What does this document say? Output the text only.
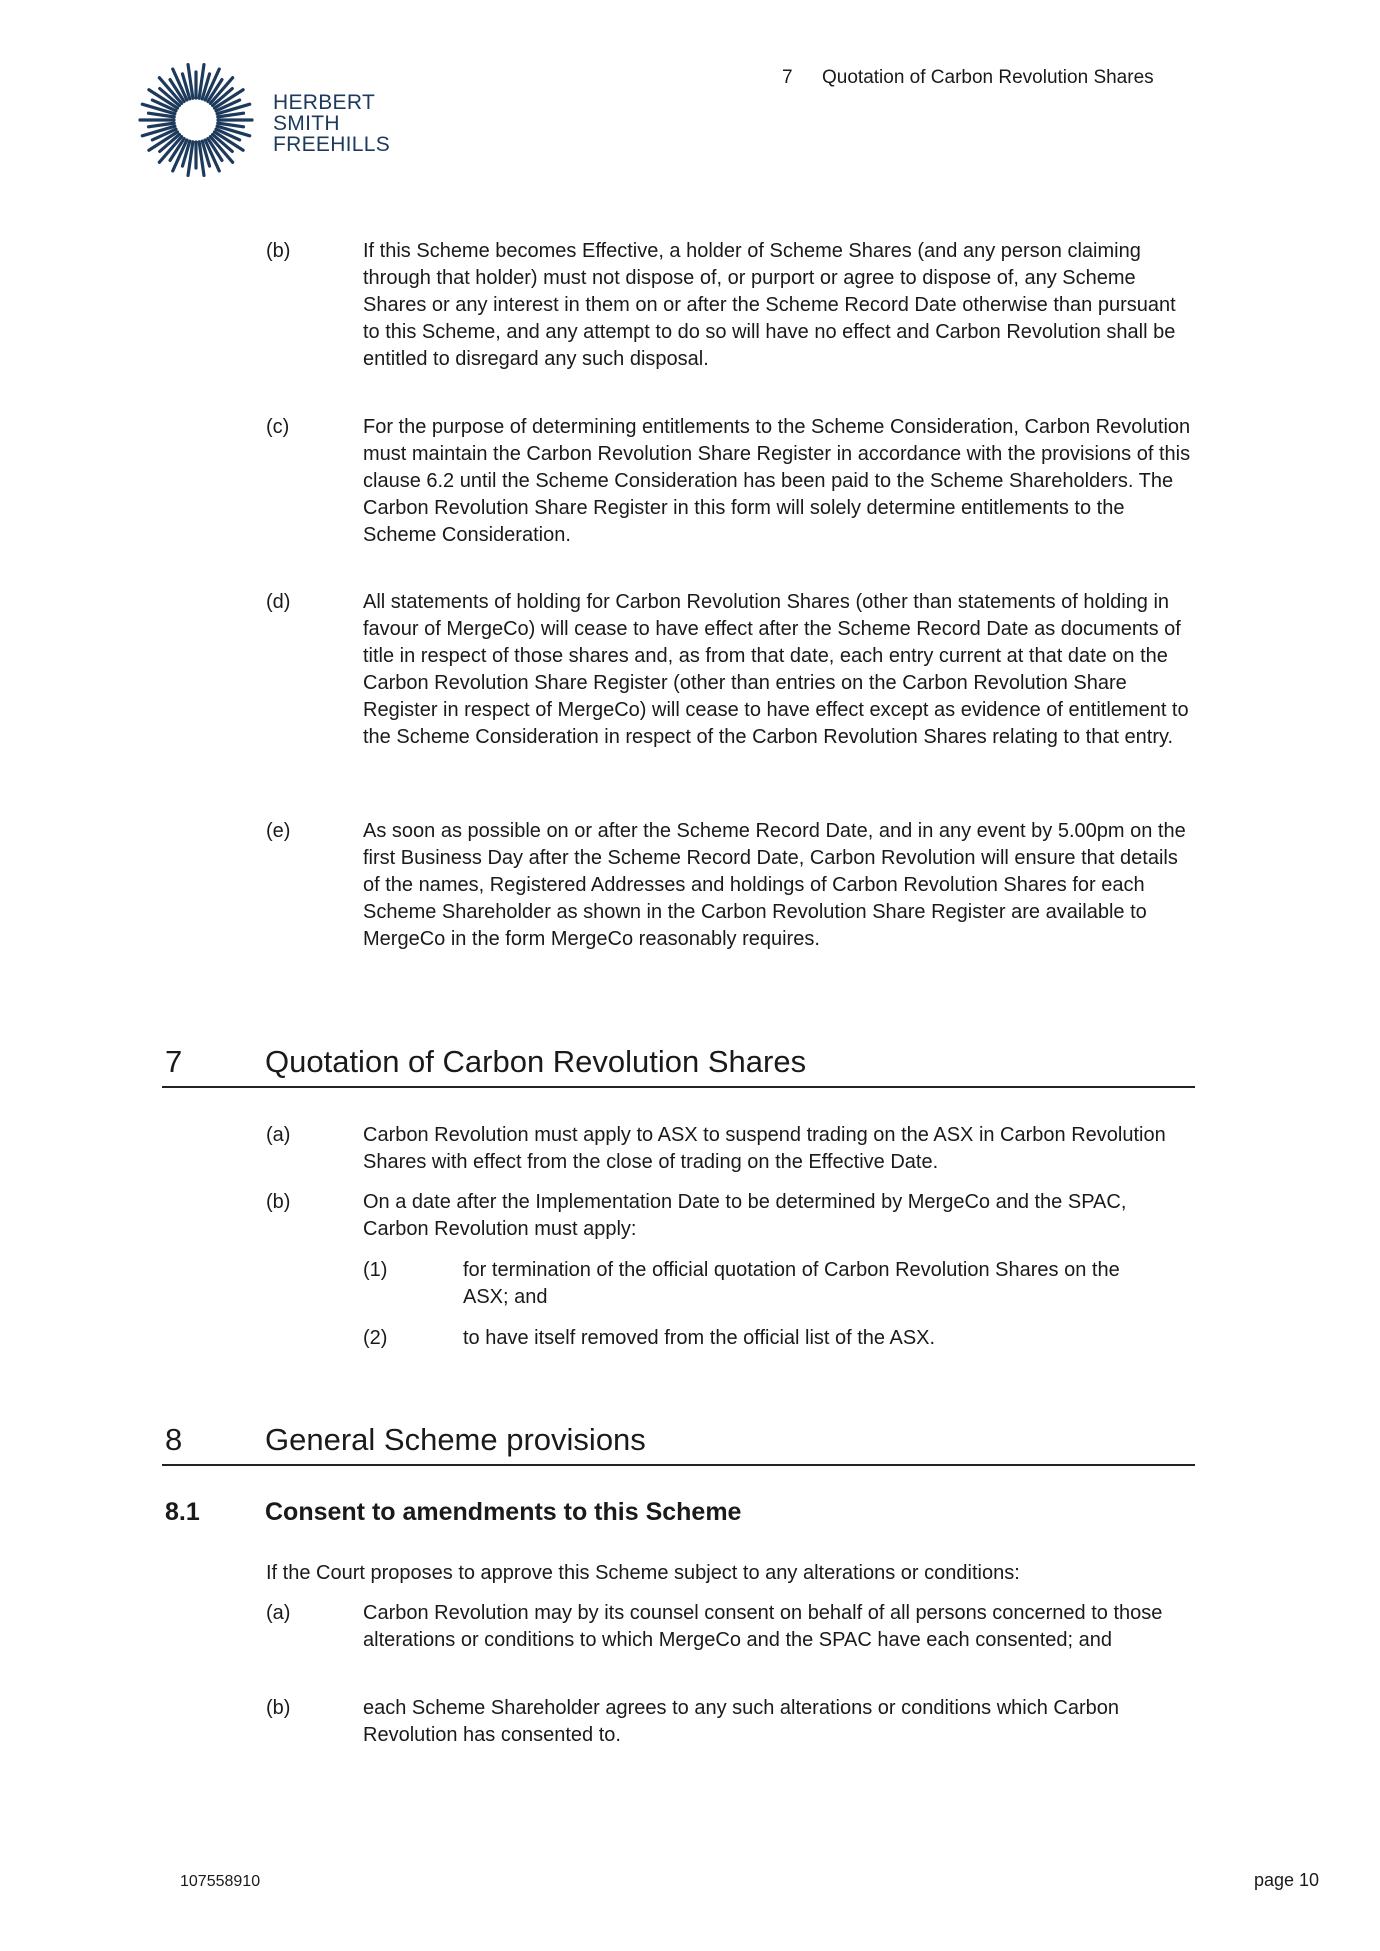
HERBERT
SMITH
FREEHILLS
7 Quotation of Carbon Revolution Shares
(b)	If this Scheme becomes Effective, a holder of Scheme Shares (and any person claiming through that holder) must not dispose of, or purport or agree to dispose of, any Scheme Shares or any interest in them on or after the Scheme Record Date otherwise than pursuant to this Scheme, and any attempt to do so will have no effect and Carbon Revolution shall be entitled to disregard any such disposal.
(c)	For the purpose of determining entitlements to the Scheme Consideration, Carbon Revolution must maintain the Carbon Revolution Share Register in accordance with the provisions of this clause 6.2 until the Scheme Consideration has been paid to the Scheme Shareholders. The Carbon Revolution Share Register in this form will solely determine entitlements to the Scheme Consideration.
(d)	All statements of holding for Carbon Revolution Shares (other than statements of holding in favour of MergeCo) will cease to have effect after the Scheme Record Date as documents of title in respect of those shares and, as from that date, each entry current at that date on the Carbon Revolution Share Register (other than entries on the Carbon Revolution Share Register in respect of MergeCo) will cease to have effect except as evidence of entitlement to the Scheme Consideration in respect of the Carbon Revolution Shares relating to that entry.
(e)	As soon as possible on or after the Scheme Record Date, and in any event by 5.00pm on the first Business Day after the Scheme Record Date, Carbon Revolution will ensure that details of the names, Registered Addresses and holdings of Carbon Revolution Shares for each Scheme Shareholder as shown in the Carbon Revolution Share Register are available to MergeCo in the form MergeCo reasonably requires.
7	Quotation of Carbon Revolution Shares
(a)	Carbon Revolution must apply to ASX to suspend trading on the ASX in Carbon Revolution Shares with effect from the close of trading on the Effective Date.
(b)	On a date after the Implementation Date to be determined by MergeCo and the SPAC, Carbon Revolution must apply:
(1)	for termination of the official quotation of Carbon Revolution Shares on the ASX; and
(2)	to have itself removed from the official list of the ASX.
8	General Scheme provisions
8.1	Consent to amendments to this Scheme
If the Court proposes to approve this Scheme subject to any alterations or conditions:
(a)	Carbon Revolution may by its counsel consent on behalf of all persons concerned to those alterations or conditions to which MergeCo and the SPAC have each consented; and
(b)	each Scheme Shareholder agrees to any such alterations or conditions which Carbon Revolution has consented to.
107558910	page 10
